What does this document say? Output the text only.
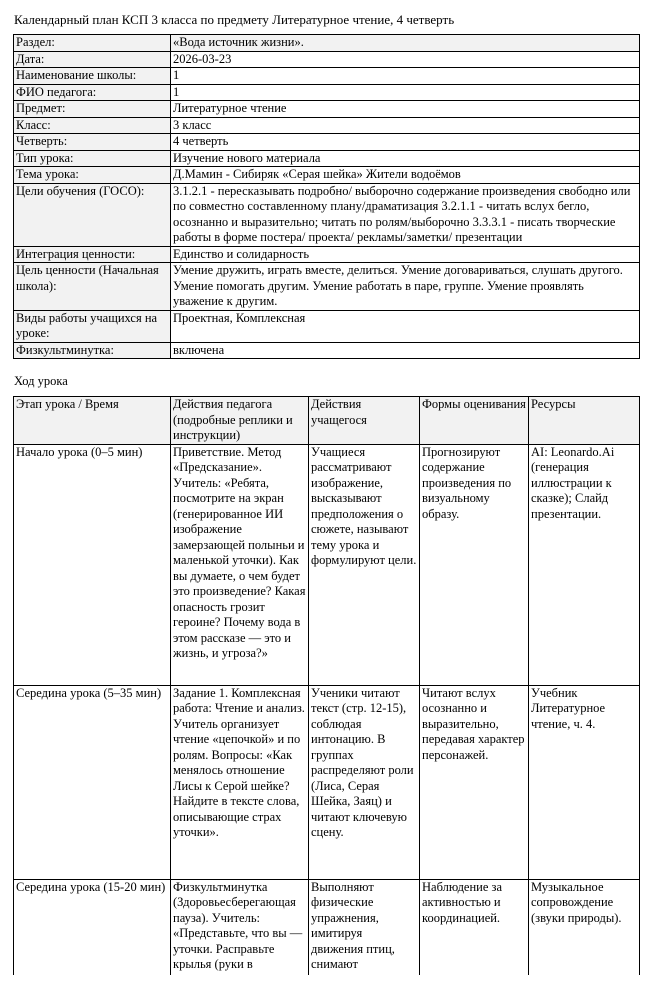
Календарный план КСП 3 класса по предмету Литературное чтение, 4 четверть
Раздел:	«Вода источник жизни».
Дата:	2026-03-23
Наименование школы:	1
ФИО педагога:	1
Предмет:	Литературное чтение
Класс:	3 класс
Четверть:	4 четверть
Тип урока:	Изучение нового материала
Тема урока:	Д.Мамин - Сибиряк «Серая шейка» Жители водоёмов
Цели обучения (ГОСО):	3.1.2.1 - пересказывать подробно/ выборочно содержание произведения свободно или по совместно составленному плану/драматизация 3.2.1.1 - читать вслух бегло, осознанно и выразительно; читать по ролям/выборочно 3.3.3.1 - писать творческие работы в форме постера/ проекта/ рекламы/заметки/ презентации
Интеграция ценности:	Единство и солидарность
Цель ценности (Начальная школа):	Умение дружить, играть вместе, делиться. Умение договариваться, слушать другого. Умение помогать другим. Умение работать в паре, группе. Умение проявлять уважение к другим.
Виды работы учащихся на уроке:	Проектная, Комплексная
Физкультминутка:	включена
Ход урока
Этап урока / Время	Действия педагога (подробные реплики и инструкции)	Действия учащегося	Формы оценивания	Ресурсы
Начало урока (0–5 мин)	Приветствие. Метод «Предсказание». Учитель: «Ребята, посмотрите на экран (генерированное ИИ изображение замерзающей полыньи и маленькой уточки). Как вы думаете, о чем будет это произведение? Какая опасность грозит героине? Почему вода в этом рассказе — это и жизнь, и угроза?»	Учащиеся рассматривают изображение, высказывают предположения о сюжете, называют тему урока и формулируют цели.	Прогнозируют содержание произведения по визуальному образу.	AI: Leonardo.Ai (генерация иллюстрации к сказке); Слайд презентации.
Середина урока (5–35 мин)	Задание 1. Комплексная работа: Чтение и анализ. Учитель организует чтение «цепочкой» и по ролям. Вопросы: «Как менялось отношение Лисы к Серой шейке? Найдите в тексте слова, описывающие страх уточки».	Ученики читают текст (стр. 12-15), соблюдая интонацию. В группах распределяют роли (Лиса, Серая Шейка, Заяц) и читают ключевую сцену.	Читают вслух осознанно и выразительно, передавая характер персонажей.	Учебник Литературное чтение, ч. 4.
Середина урока (15-20 мин)	Физкультминутка (Здоровьесберегающая паузa). Учитель: «Представьте, что вы — уточки. Расправьте крылья (руки в	Выполняют физические упражнения, имитируя движения птиц, снимают	Наблюдение за активностью и координацией.	Музыкальное сопровождение (звуки природы).
